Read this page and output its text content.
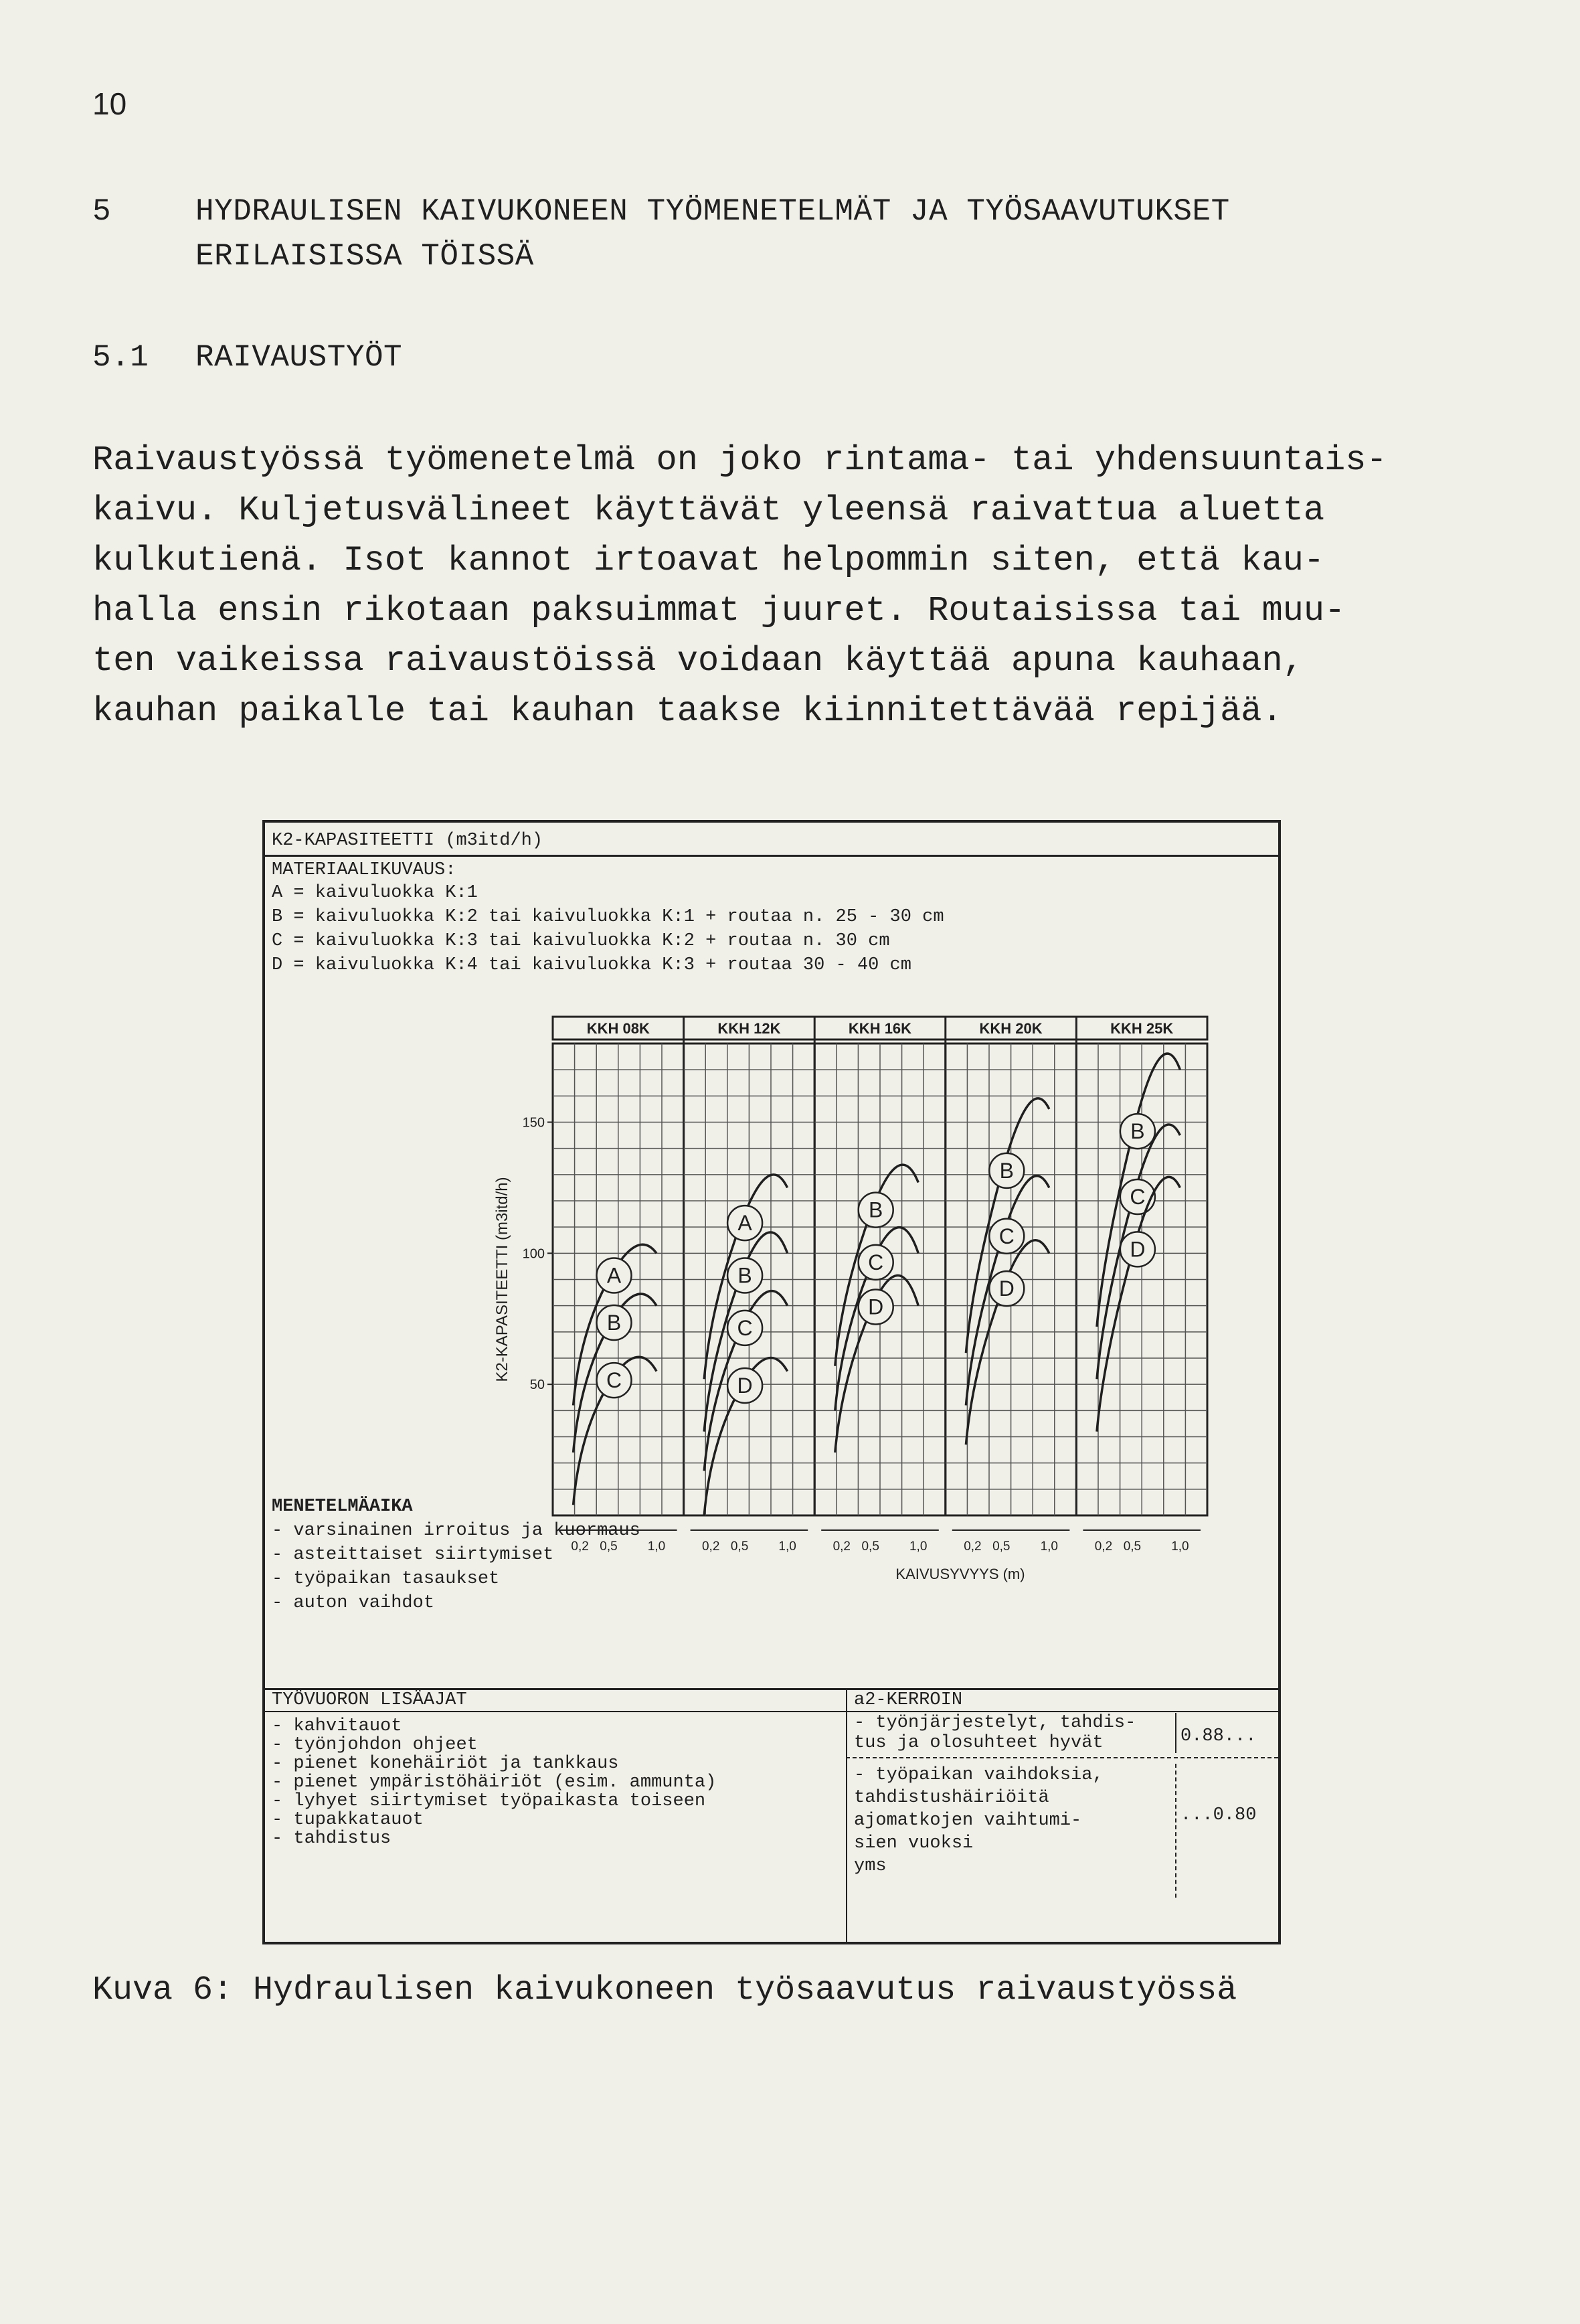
10
5	HYDRAULISEN KAIVUKONEEN TYÖMENETELMÄT JA TYÖSAAVUTUKSET
ERILAISISSA TÖISSÄ
5.1 RAIVAUSTYÖT
Raivaustyössä työmenetelmä on joko rintama- tai yhdensuuntais-
kaivu. Kuljetusvälineet käyttävät yleensä raivattua aluetta
kulkutienä. Isot kannot irtoavat helpommin siten, että kau-
halla ensin rikotaan paksuimmat juuret. Routaisissa tai muu-
ten vaikeissa raivaustöissä voidaan käyttää apuna kauhaan,
kauhan paikalle tai kauhan taakse kiinnitettävää repijää.
K2-KAPASITEETTI (m3itd/h)
MATERIAALIKUVAUS:
A = kaivuluokka K:1
B = kaivuluokka K:2 tai kaivuluokka K:1 + routaa n. 25 - 30 cm
C = kaivuluokka K:3 tai kaivuluokka K:2 + routaa n. 30 cm
D = kaivuluokka K:4 tai kaivuluokka K:3 + routaa 30 - 40 cm
KKH 08K
0,2 0,5 1,0
A
B
C
KKH 12K
0,2 0,5 1,0
A
B
C
D
KKH 16K
0,2 0,5 1,0
B
C
D
KKH 20K
0,2 0,5 1,0
B
C
D
KKH 25K
0,2 0,5 1,0
B
C
D
150
100
50
K2-KAPASITEETTI (m3itd/h)
KAIVUSYVYYS (m)
MENETELMÄAIKA
- varsinainen irroitus ja kuormaus
- asteittaiset siirtymiset
- työpaikan tasaukset
- auton vaihdot
TYÖVUORON LISÄAJAT
- kahvitauot
- työnjohdon ohjeet
- pienet konehäiriöt ja tankkaus
- pienet ympäristöhäiriöt (esim. ammunta)
- lyhyet siirtymiset työpaikasta toiseen
- tupakkatauot
- tahdistus
a2-KERROIN
- työnjärjestelyt, tahdis-
tus ja olosuhteet hyvät	0.88...
- työpaikan vaihdoksia,
tahdistushäiriöitä
ajomatkojen vaihtumi-
sien vuoksi
yms
...0.80
Kuva 6: Hydraulisen kaivukoneen työsaavutus raivaustyössä
